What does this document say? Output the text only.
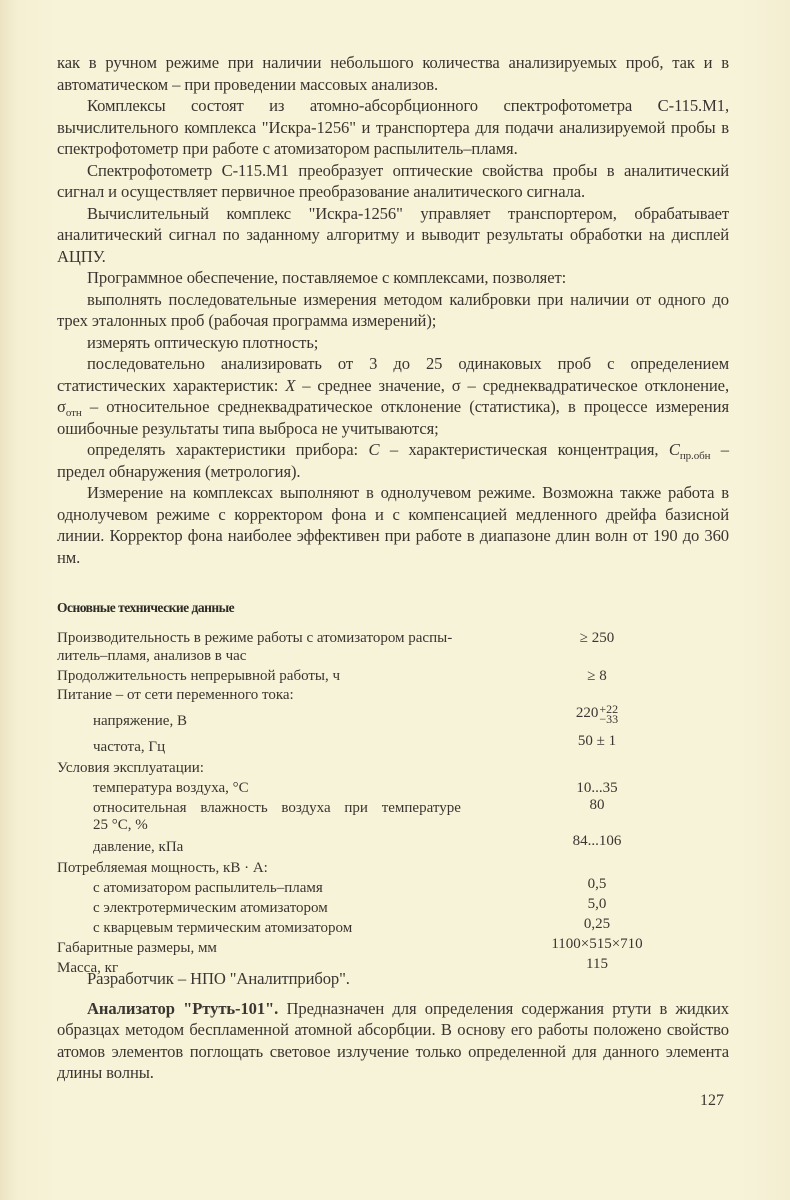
как в ручном режиме при наличии небольшого количества анализируемых проб, так и в автоматическом – при проведении массовых анализов.

Комплексы состоят из атомно-абсорбционного спектрофотометра С-115.М1, вычислительного комплекса "Искра-1256" и транспортера для подачи анализируемой пробы в спектрофотометр при работе с атомизатором распылитель–пламя.

Спектрофотометр С-115.М1 преобразует оптические свойства пробы в аналитический сигнал и осуществляет первичное преобразование аналитического сигнала.

Вычислительный комплекс "Искра-1256" управляет транспортером, обрабатывает аналитический сигнал по заданному алгоритму и выводит результаты обработки на дисплей АЦПУ.

Программное обеспечение, поставляемое с комплексами, позволяет:

выполнять последовательные измерения методом калибровки при наличии от одного до трех эталонных проб (рабочая программа измерений);

измерять оптическую плотность;

последовательно анализировать от 3 до 25 одинаковых проб с определением статистических характеристик: X – среднее значение, σ – среднеквадратическое отклонение, $\sigma_{отн}$ – относительное среднеквадратическое отклонение (статистика), в процессе измерения ошибочные результаты типа выброса не учитываются;

определять характеристики прибора: C – характеристическая концентрация, $C_{пр.обн}$ – предел обнаружения (метрология).

Измерение на комплексах выполняют в однолучевом режиме. Возможна также работа в однолучевом режиме с корректором фона и с компенсацией медленного дрейфа базисной линии. Корректор фона наиболее эффективен при работе в диапазоне длин волн от 190 до 360 нм.

Основные технические данные
Производительность в режиме работы с атомизатором распы-	≥ 250
литель–пламя, анализов в час
Продолжительность непрерывной работы, ч	≥ 8
Питание – от сети переменного тока:
напряжение, В	220 +22
−33
частота, Гц	50 ± 1
Условия эксплуатации:
температура воздуха, °С	10...35
относительная влажность воздуха при температуре	80
25 °С, %
давление, кПа	84...106
Потребляемая мощность, кВ · А:
с атомизатором распылитель–пламя	0,5
с электротермическим атомизатором	5,0
с кварцевым термическим атомизатором	0,25
Габаритные размеры, мм	1100×515×710
Масса, кг	115

Разработчик – НПО "Аналитприбор".

Анализатор "Ртуть-101". Предназначен для определения содержания ртути в жидких образцах методом беспламенной атомной абсорбции. В основу его работы положено свойство атомов элементов поглощать световое излучение только определенной для данного элемента длины волны.

127
